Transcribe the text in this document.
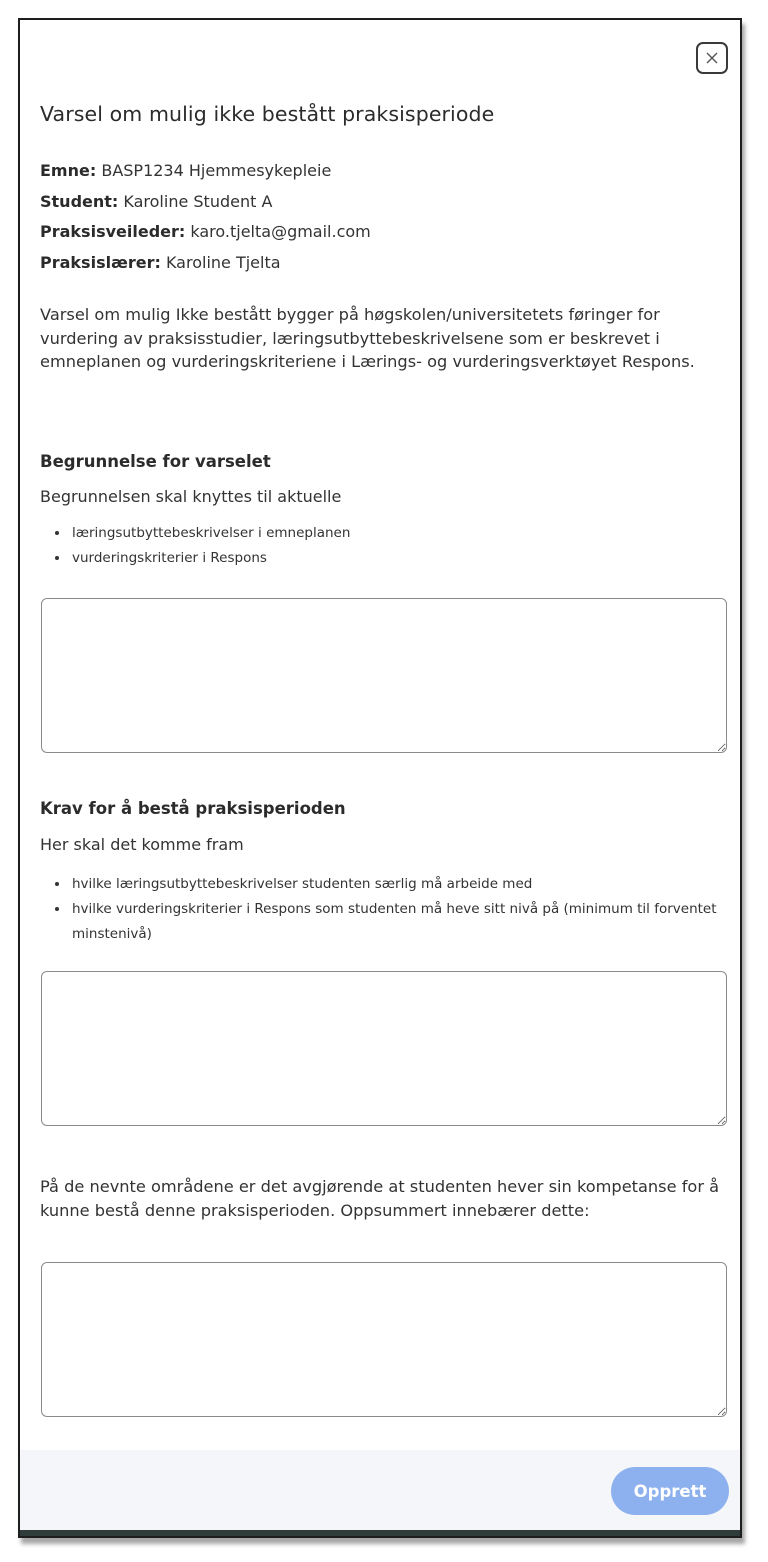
Varsel om mulig ikke bestått praksisperiode
Emne: BASP1234 Hjemmesykepleie
Student: Karoline Student A
Praksisveileder: karo.tjelta@gmail.com
Praksislærer: Karoline Tjelta
Varsel om mulig Ikke bestått bygger på høgskolen/universitetets føringer for vurdering av praksisstudier, læringsutbyttebeskrivelsene som er beskrevet i emneplanen og vurderingskriteriene i Lærings- og vurderingsverktøyet Respons.
Begrunnelse for varselet
Begrunnelsen skal knyttes til aktuelle
• læringsutbyttebeskrivelser i emneplanen
• vurderingskriterier i Respons
Krav for å bestå praksisperioden
Her skal det komme fram
• hvilke læringsutbyttebeskrivelser studenten særlig må arbeide med
• hvilke vurderingskriterier i Respons som studenten må heve sitt nivå på (minimum til forventet minstenivå)
På de nevnte områdene er det avgjørende at studenten hever sin kompetanse for å kunne bestå denne praksisperioden. Oppsummert innebærer dette:
Opprett
